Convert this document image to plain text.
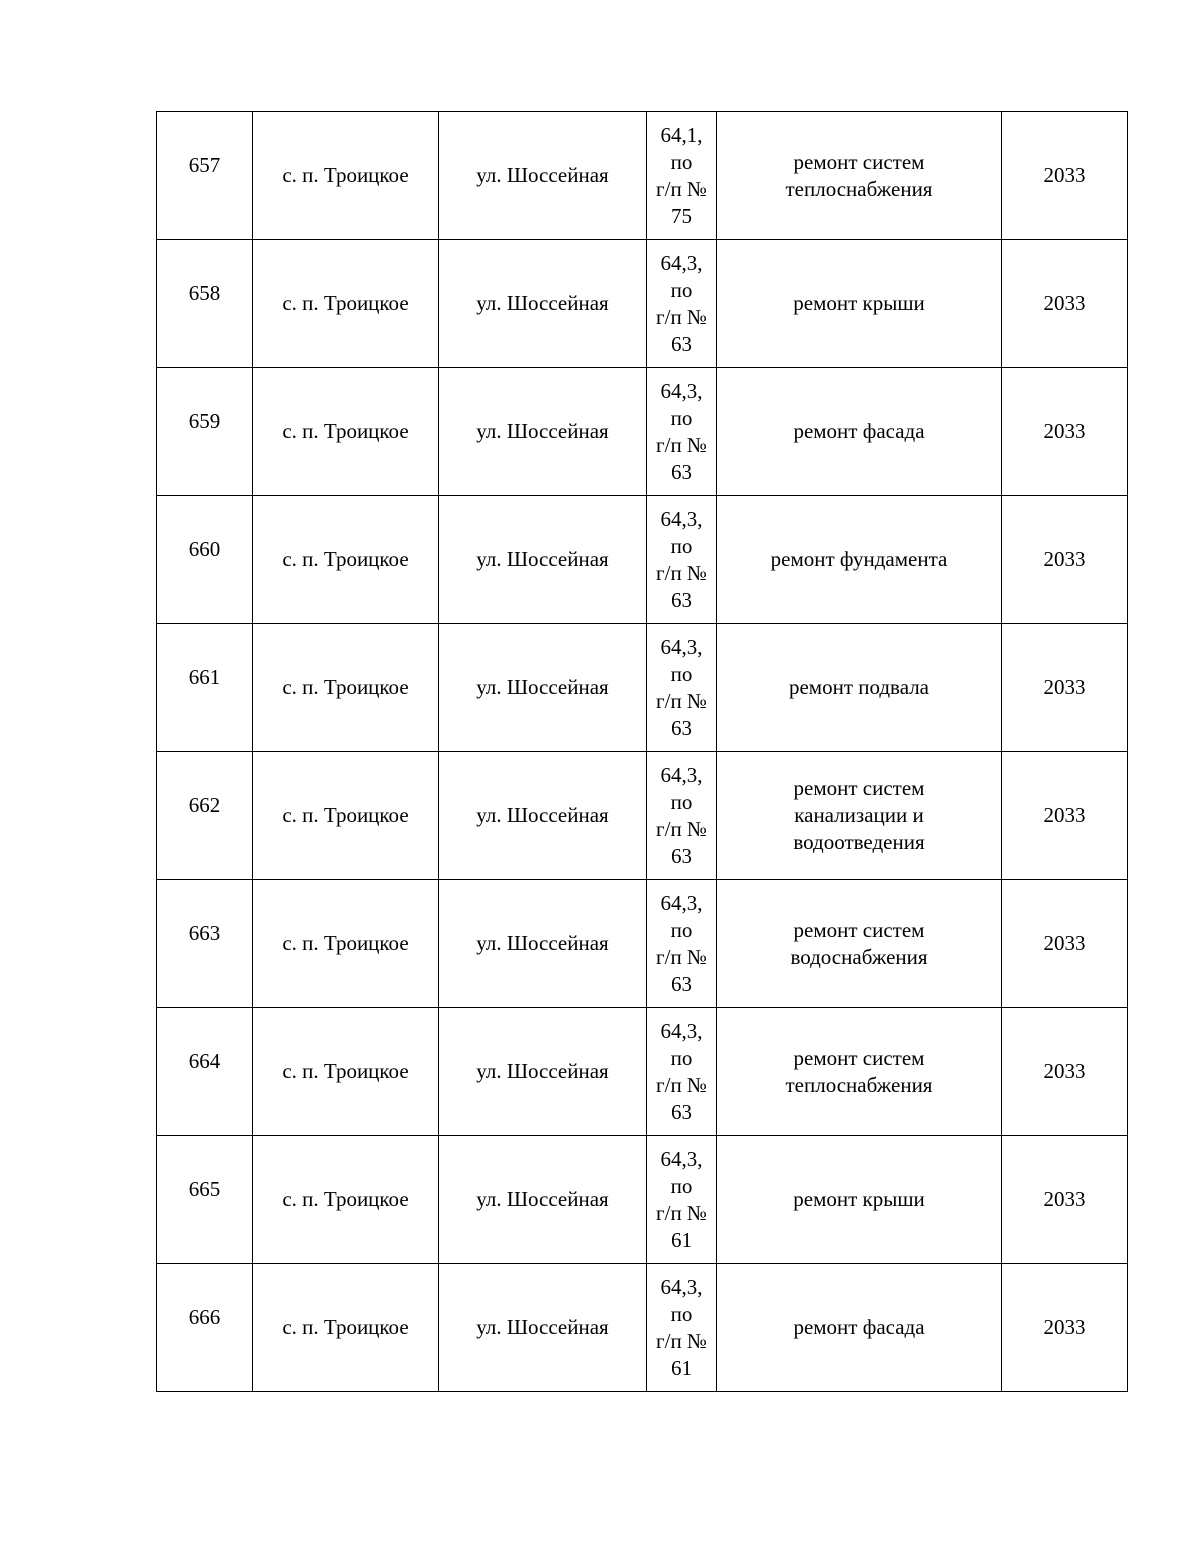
657	с. п. Троицкое	ул. Шоссейная	64,1,
по
г/п №
75	ремонт систем
теплоснабжения	2033
658	с. п. Троицкое	ул. Шоссейная	64,3,
по
г/п №
63	ремонт крыши	2033
659	с. п. Троицкое	ул. Шоссейная	64,3,
по
г/п №
63	ремонт фасада	2033
660	с. п. Троицкое	ул. Шоссейная	64,3,
по
г/п №
63	ремонт фундамента	2033
661	с. п. Троицкое	ул. Шоссейная	64,3,
по
г/п №
63	ремонт подвала	2033
662	с. п. Троицкое	ул. Шоссейная	64,3,
по
г/п №
63	ремонт систем
канализации и
водоотведения	2033
663	с. п. Троицкое	ул. Шоссейная	64,3,
по
г/п №
63	ремонт систем
водоснабжения	2033
664	с. п. Троицкое	ул. Шоссейная	64,3,
по
г/п №
63	ремонт систем
теплоснабжения	2033
665	с. п. Троицкое	ул. Шоссейная	64,3,
по
г/п №
61	ремонт крыши	2033
666	с. п. Троицкое	ул. Шоссейная	64,3,
по
г/п №
61	ремонт фасада	2033
